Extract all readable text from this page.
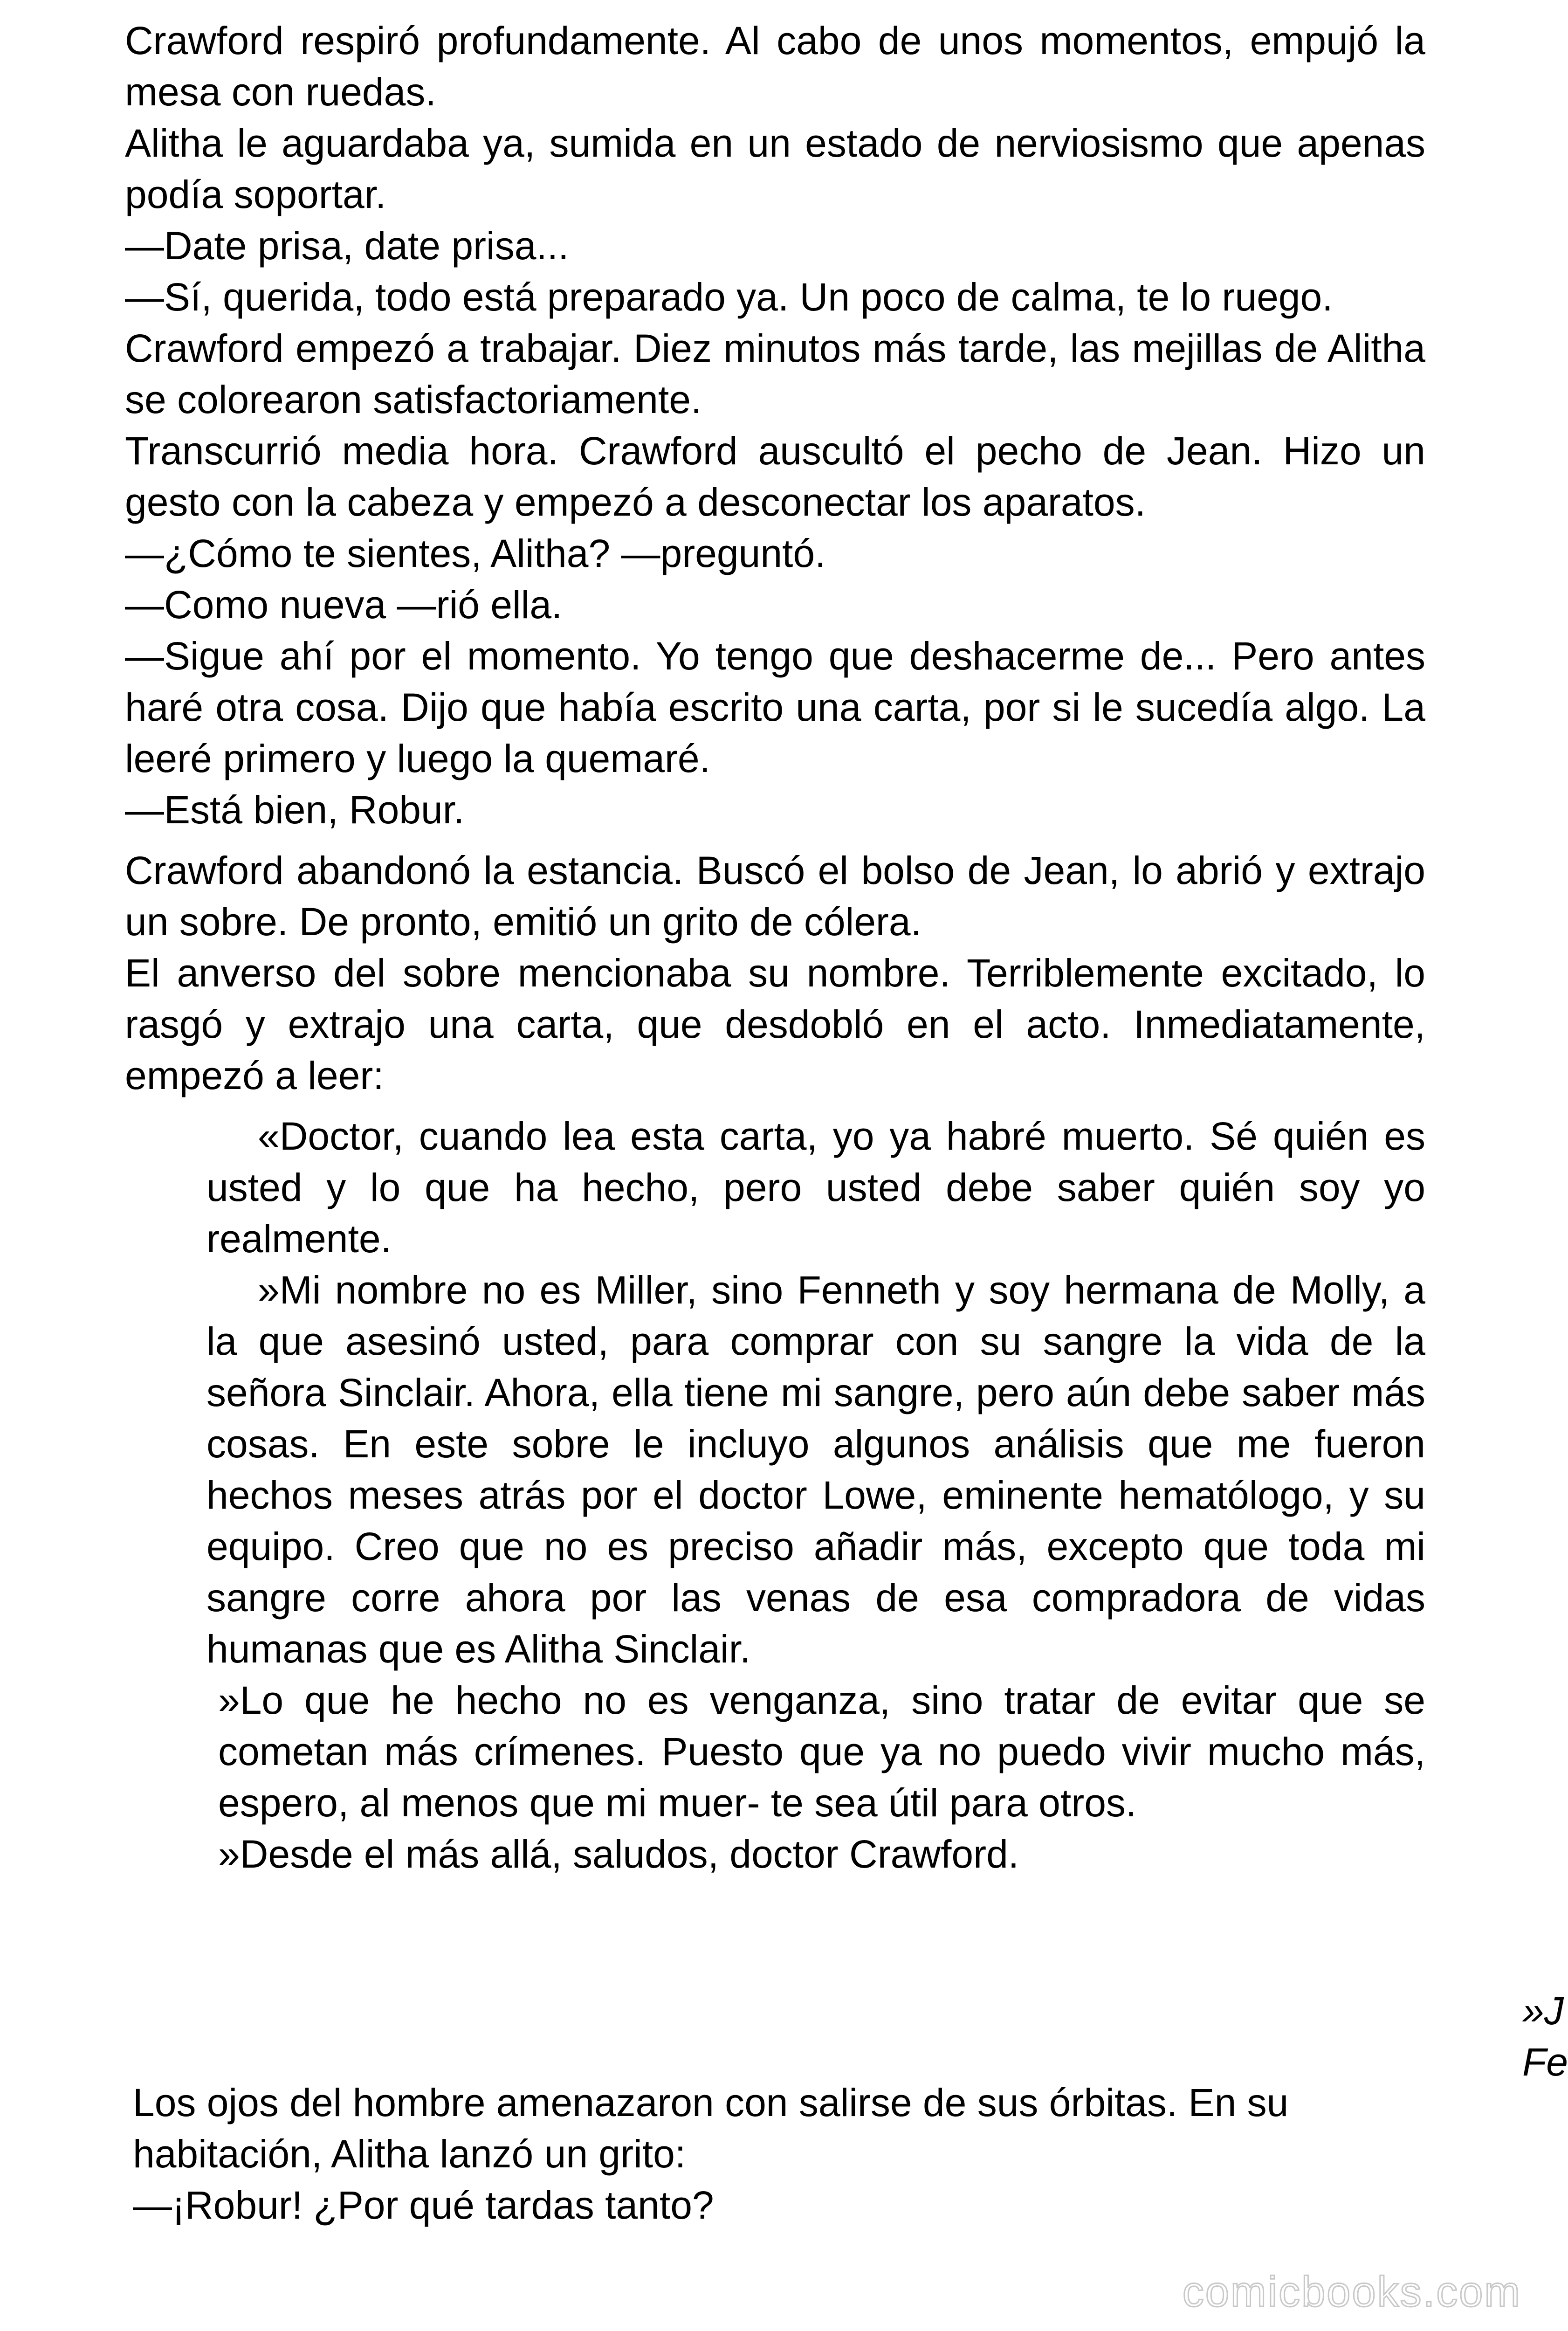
Crawford respiró profundamente. Al cabo de unos momentos, empujó la mesa con ruedas.

Alitha le aguardaba ya, sumida en un estado de nerviosismo que apenas podía soportar.

—Date prisa, date prisa...

—Sí, querida, todo está preparado ya. Un poco de calma, te lo ruego.

Crawford empezó a trabajar. Diez minutos más tarde, las mejillas de Alitha se colorearon satisfactoriamente.

Transcurrió media hora. Crawford auscultó el pecho de Jean. Hizo un gesto con la cabeza y empezó a desconectar los aparatos.

—¿Cómo te sientes, Alitha? —preguntó.

—Como nueva —rió ella.

—Sigue ahí por el momento. Yo tengo que deshacerme de... Pero antes haré otra cosa. Dijo que había escrito una carta, por si le sucedía algo. La leeré primero y luego la quemaré.

—Está bien, Robur.

Crawford abandonó la estancia. Buscó el bolso de Jean, lo abrió y extrajo un sobre. De pronto, emitió un grito de cólera.

El anverso del sobre mencionaba su nombre. Terriblemente excitado, lo rasgó y extrajo una carta, que desdobló en el acto. Inmediatamente, empezó a leer:

«Doctor, cuando lea esta carta, yo ya habré muerto. Sé quién es usted y lo que ha hecho, pero usted debe saber quién soy yo realmente.

»Mi nombre no es Miller, sino Fenneth y soy hermana de Molly, a la que asesinó usted, para comprar con su sangre la vida de la señora Sinclair. Ahora, ella tiene mi sangre, pero aún debe saber más cosas. En este sobre le incluyo algunos análisis que me fueron hechos meses atrás por el doctor Lowe, eminente hematólogo, y su equipo. Creo que no es preciso añadir más, excepto que toda mi sangre corre ahora por las venas de esa compradora de vidas humanas que es Alitha Sinclair.

»Lo que he hecho no es venganza, sino tratar de evitar que se cometan más crímenes. Puesto que ya no puedo vivir mucho más, espero, al menos que mi muer- te sea útil para otros.

»Desde el más allá, saludos, doctor Crawford.

»J
Fe

Los ojos del hombre amenazaron con salirse de sus órbitas. En su habitación, Alitha lanzó un grito:

—¡Robur! ¿Por qué tardas tanto?

comicbooks.com
